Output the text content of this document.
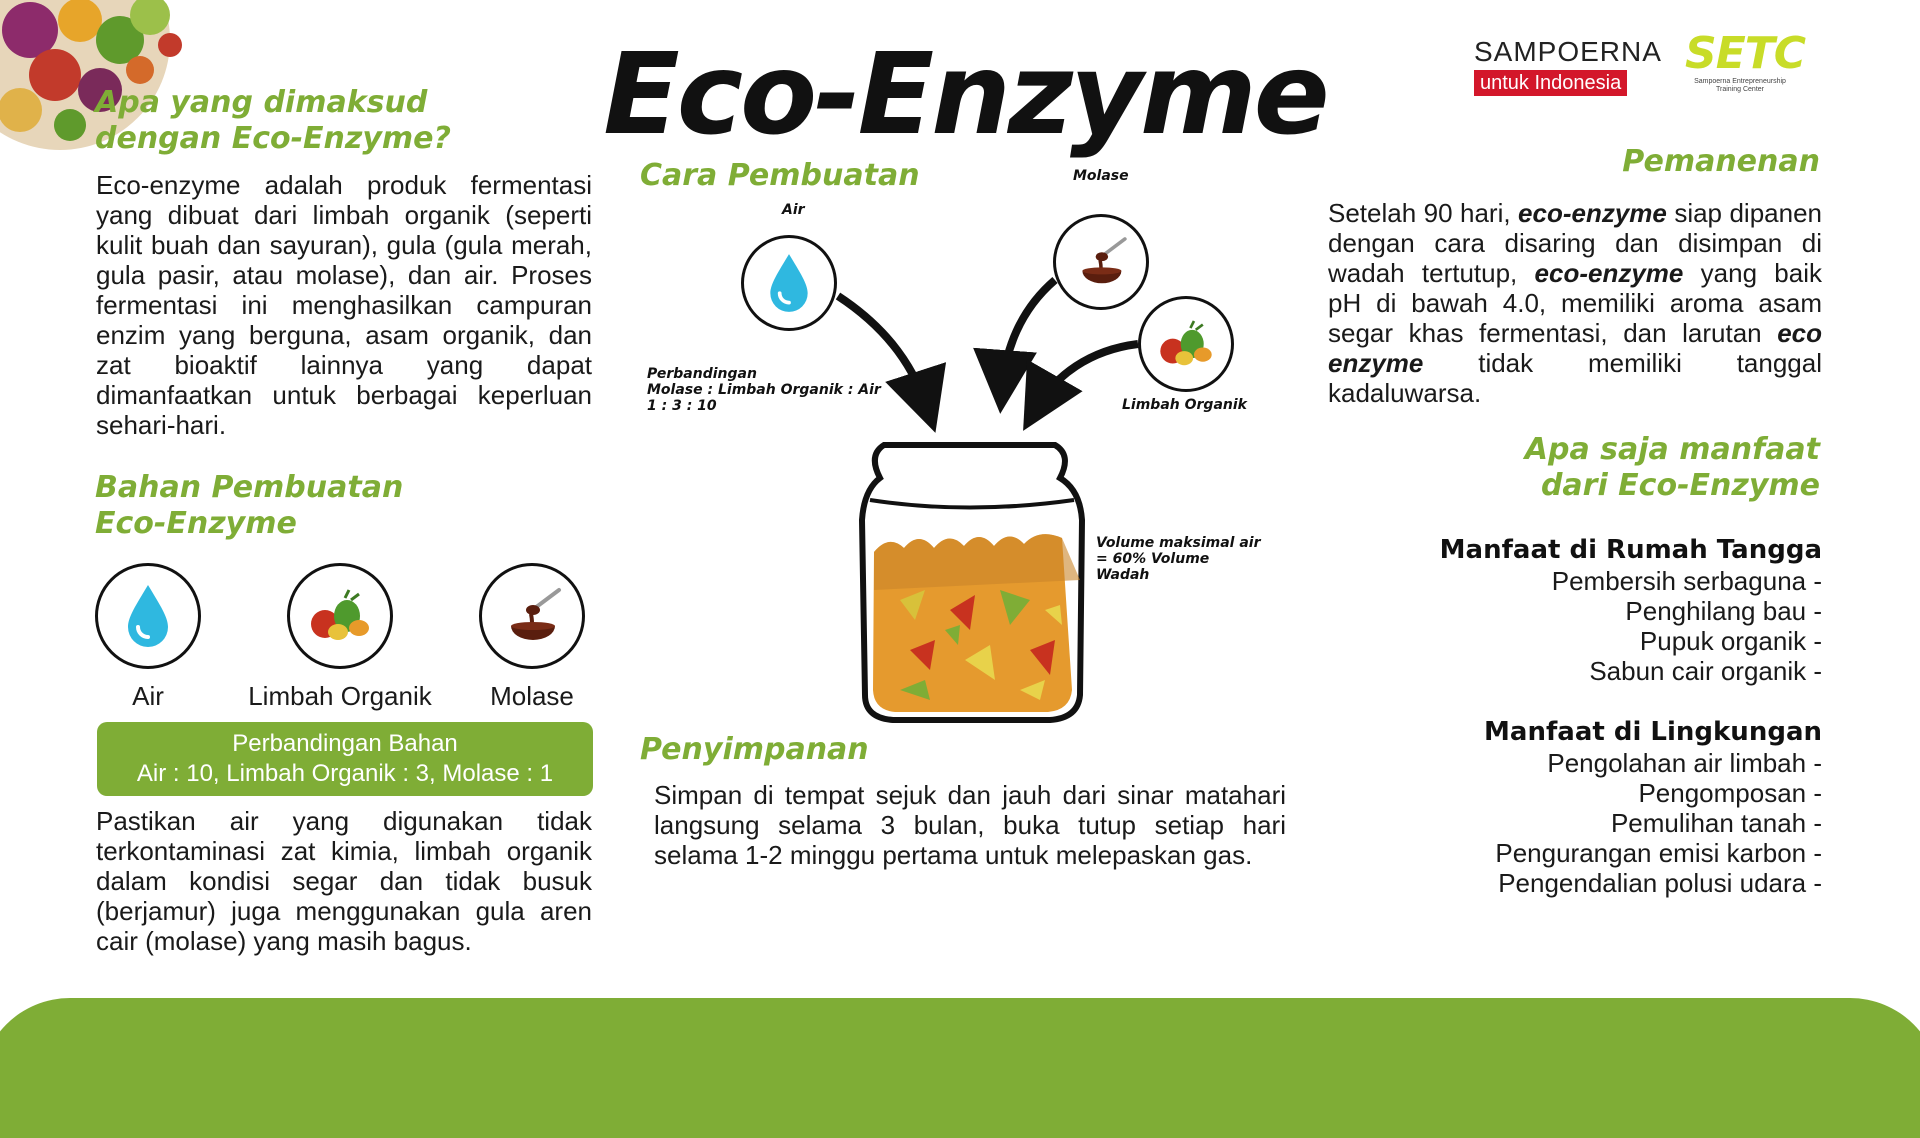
Eco-Enzyme	SAMPOERNA
untuk Indonesia
SETC
Sampoerna Entrepreneurship Training Center
Apa yang dimaksud dengan Eco-Enzyme?
Eco-enzyme adalah produk fermentasi yang dibuat dari limbah organik (seperti kulit buah dan sayuran), gula (gula merah, gula pasir, atau molase), dan air. Proses fermentasi ini menghasilkan campuran enzim yang berguna, asam organik, dan zat bioaktif lainnya yang dapat dimanfaatkan untuk berbagai keperluan sehari-hari.
Bahan Pembuatan
Eco-Enzyme
Air	Limbah Organik	Molase
Perbandingan Bahan
Air : 10, Limbah Organik : 3, Molase : 1
Pastikan air yang digunakan tidak terkontaminasi zat kimia, limbah organik dalam kondisi segar dan tidak busuk (berjamur) juga menggunakan gula aren cair (molase) yang masih bagus.
Cara Pembuatan
Air
Molase
Limbah Organik
Perbandingan
Molase : Limbah Organik : Air
1 : 3 : 10
Volume maksimal air
= 60% Volume Wadah
Penyimpanan
Simpan di tempat sejuk dan jauh dari sinar matahari langsung selama 3 bulan, buka tutup setiap hari selama 1-2 minggu pertama untuk melepaskan gas.
Pemanenan
Setelah 90 hari, eco-enzyme siap dipanen dengan cara disaring dan disimpan di wadah tertutup, eco-enzyme yang baik pH di bawah 4.0, memiliki aroma asam segar khas fermentasi, dan larutan eco enzyme tidak memiliki tanggal kadaluwarsa.
Apa saja manfaat
dari Eco-Enzyme
Manfaat di Rumah Tangga
Pembersih serbaguna -
Penghilang bau -
Pupuk organik -
Sabun cair organik -
Manfaat di Lingkungan
Pengolahan air limbah -
Pengomposan -
Pemulihan tanah -
Pengurangan emisi karbon -
Pengendalian polusi udara -
